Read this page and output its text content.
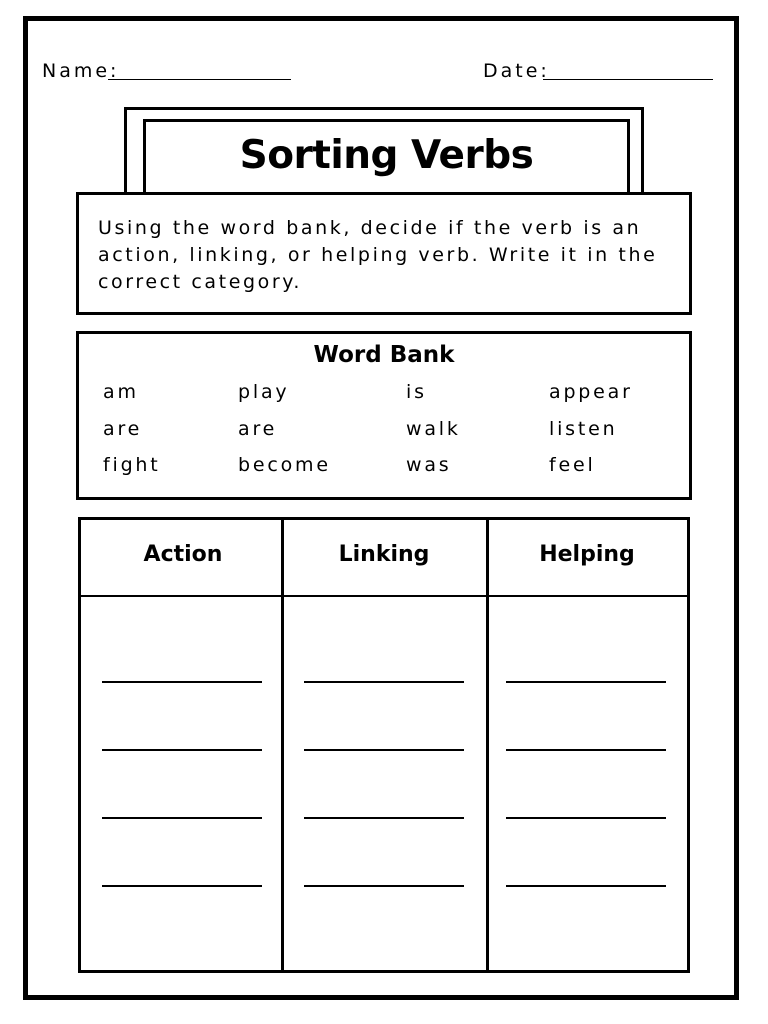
Name:	Date:
Sorting Verbs
Using the word bank, decide if the verb is an action, linking, or helping verb. Write it in the correct category.
Word Bank
am	play	is	appear
are	are	walk	listen
fight	become	was	feel
Action	Linking	Helping
